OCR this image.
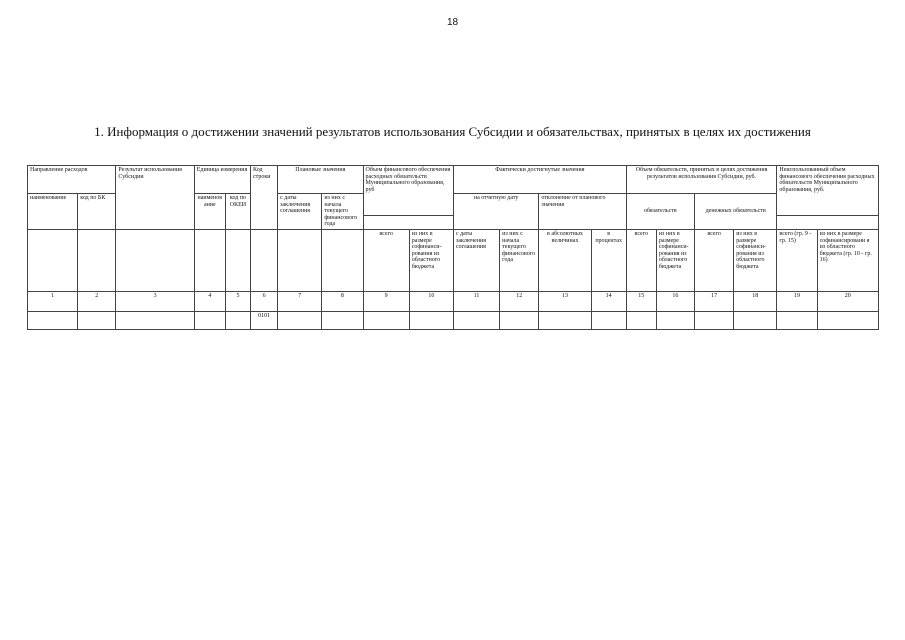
18
1. Информация о достижении значений результатов использования Субсидии и обязательствах, принятых в целях их достижения
Направление расходов		Результат использования Субсидии	Единица измерения		Код строки	Плановые значения		Объем финансового обеспечения расходных обязательств Муниципального образования, руб		Фактически достигнутые значения				Объем обязательств, принятых в целях достижения результатов использования Субсидии, руб.				Неиспользованный объем финансового обеспечения расходных обязательств Муниципального образования, руб.	
наименование	код по БК		наименование	код по ОКЕИ		с даты заключения соглашения	из них с начала текущего финансового года			на отчетную дату		отклонение от планового значения		обязательств		денежных обязательств			

								всего	из них в размере софинанси-рования из областного бюджета	с даты заключения соглашения	из них с начала текущего финансового года	в абсолютных величинах	в процентах	всего	из них в размере софинанси-рования из областного бюджета	всего	из них в размере софинанси-рования из областного бюджета	всего (гр. 9 - гр. 15)	из них в размере софинансировани я из областного бюджета (гр. 10 - гр. 16)
1	2	3	4	5	6	7	8	9	10	11	12	13	14	15	16	17	18	19	20
					0101														
